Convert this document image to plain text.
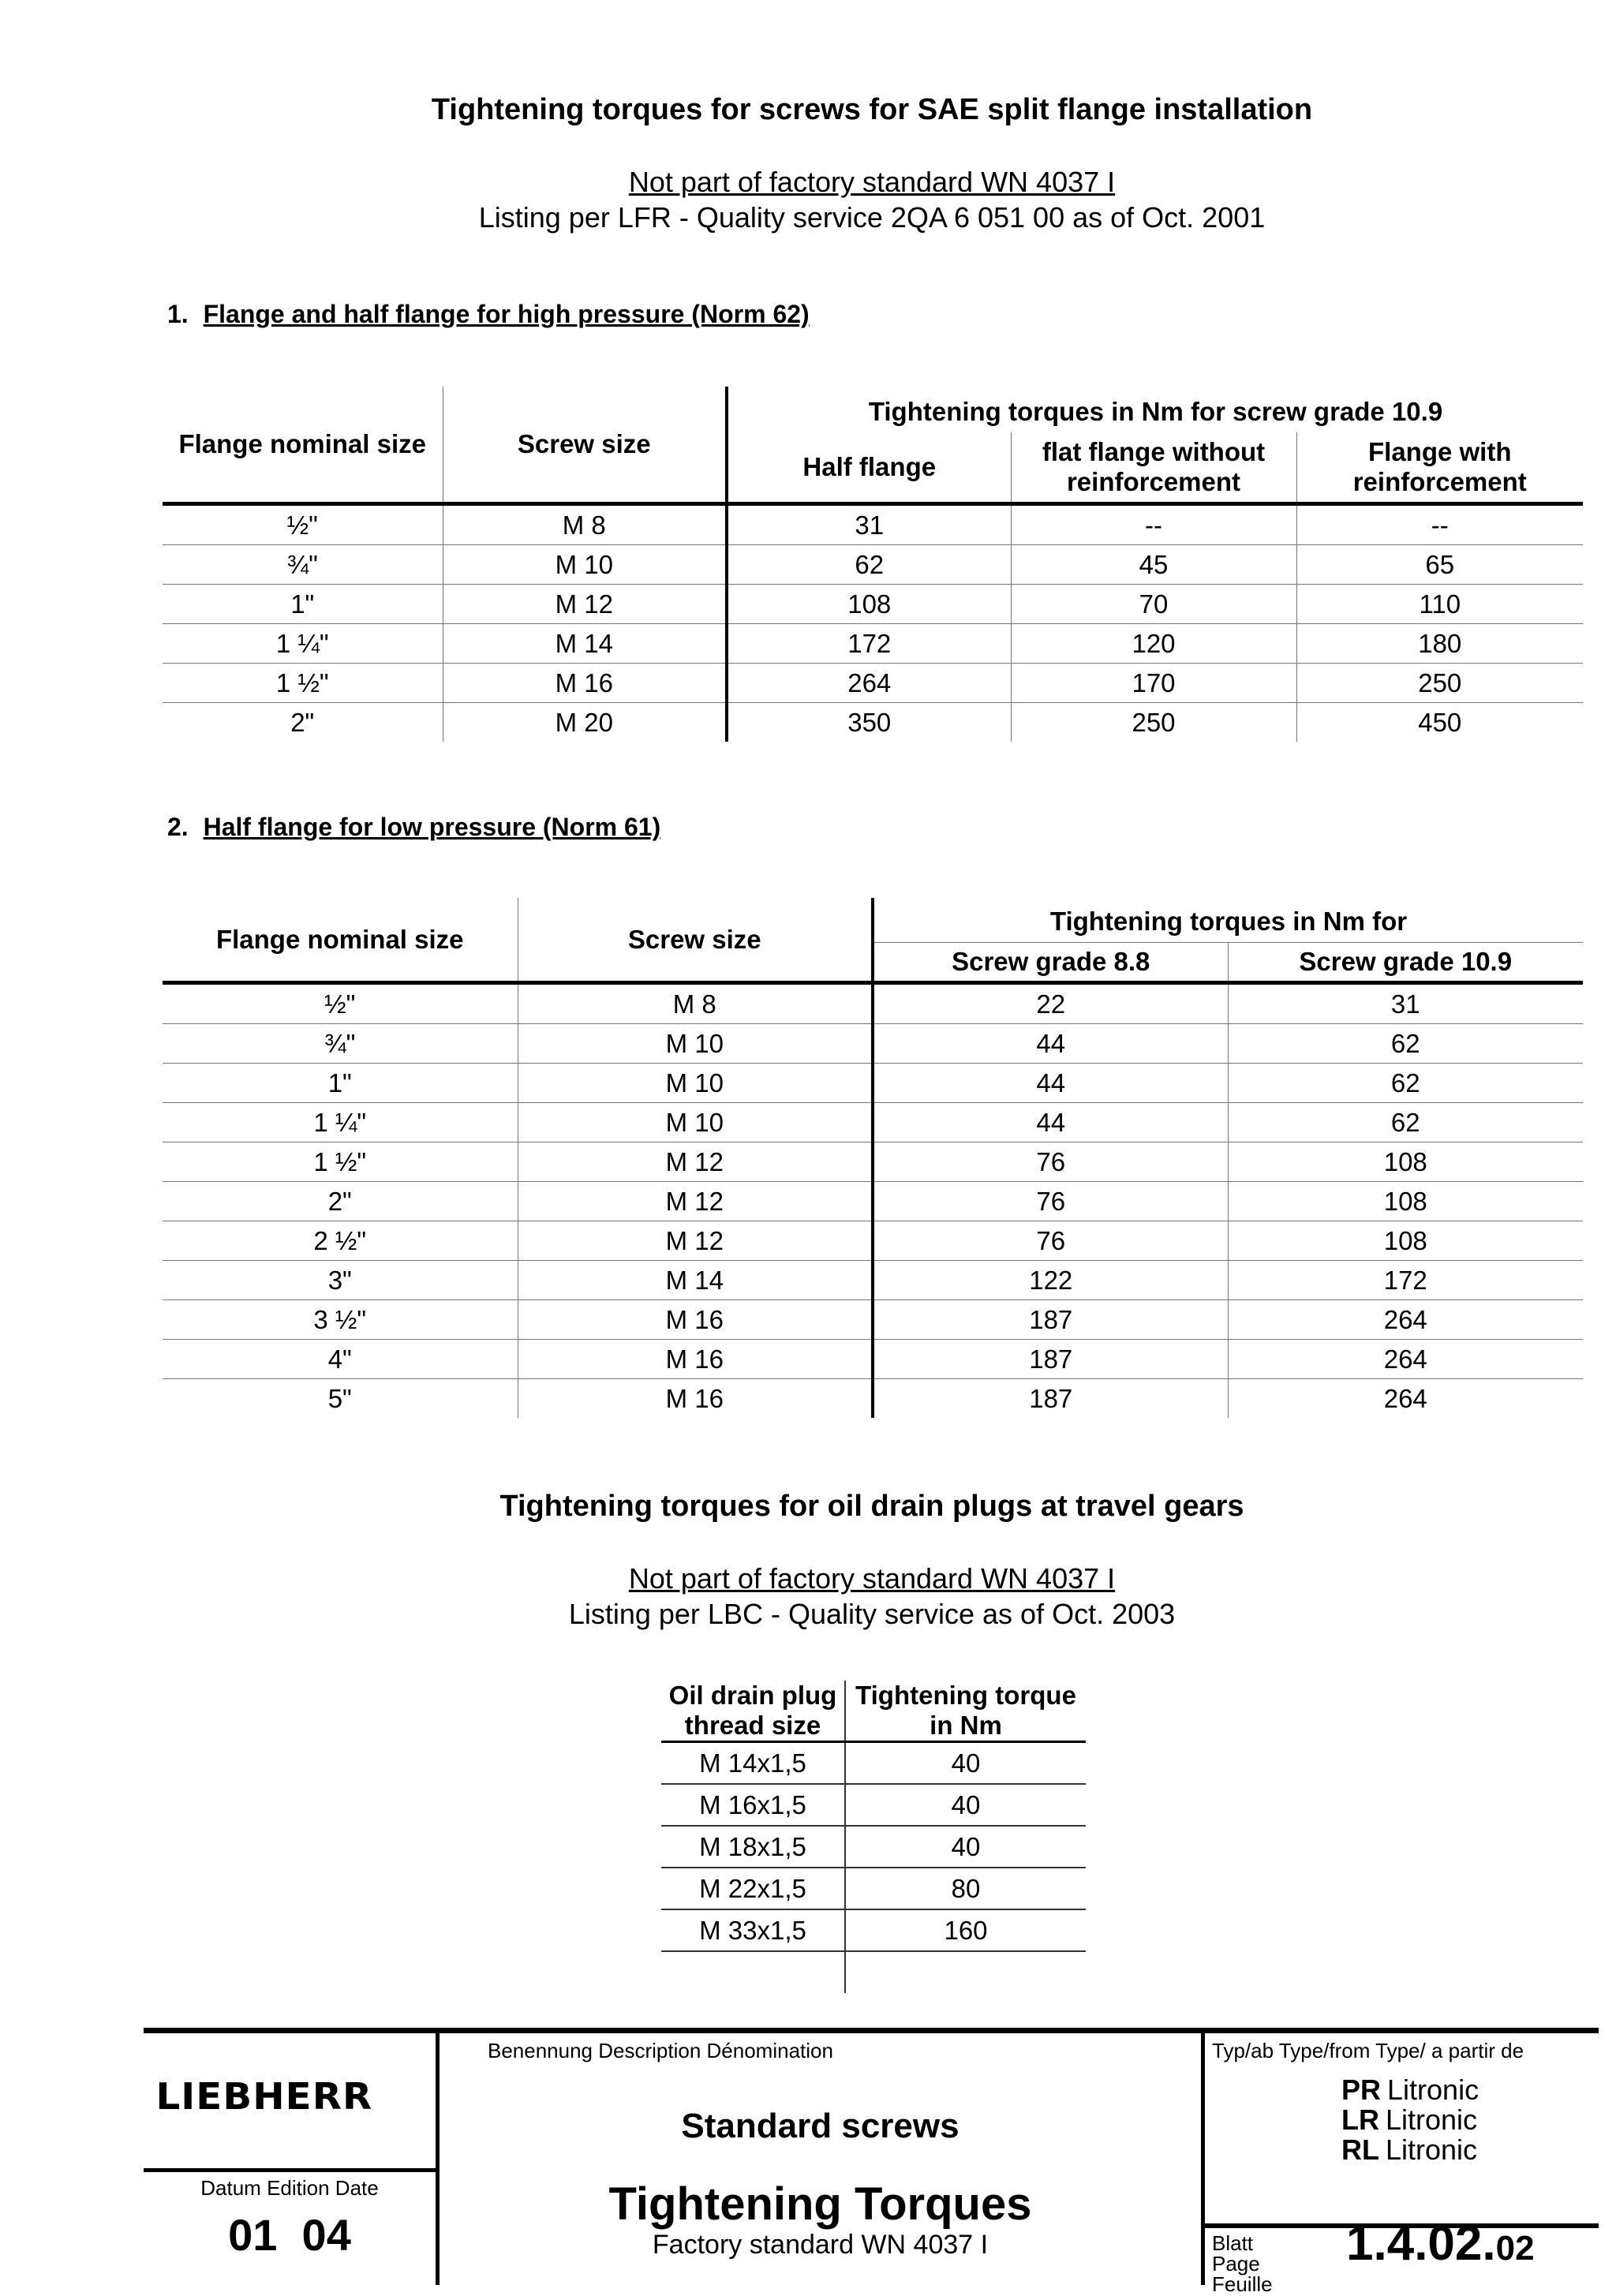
Tightening torques for screws for SAE split flange installation
Not part of factory standard WN 4037 I
Listing per LFR - Quality service 2QA 6 051 00 as of Oct. 2001
1. Flange and half flange for high pressure (Norm 62)
Flange nominal size	Screw size	Tightening torques in Nm for screw grade 10.9		
		Half flange	flat flange without reinforcement	Flange with reinforcement
½"	M 8	31	--	--
¾"	M 10	62	45	65
1"	M 12	108	70	110
1 ¼"	M 14	172	120	180
1 ½"	M 16	264	170	250
2"	M 20	350	250	450
2. Half flange for low pressure (Norm 61)
Flange nominal size	Screw size	Tightening torques in Nm for	
		Screw grade 8.8	Screw grade 10.9
½"	M 8	22	31
¾"	M 10	44	62
1"	M 10	44	62
1 ¼"	M 10	44	62
1 ½"	M 12	76	108
2"	M 12	76	108
2 ½"	M 12	76	108
3"	M 14	122	172
3 ½"	M 16	187	264
4"	M 16	187	264
5"	M 16	187	264
Tightening torques for oil drain plugs at travel gears
Not part of factory standard WN 4037 I
Listing per LBC - Quality service as of Oct. 2003
Oil drain plug thread size	Tightening torque in Nm
M 14x1,5	40
M 16x1,5	40
M 18x1,5	40
M 22x1,5	80
M 33x1,5	160

LIEBHERR
Datum Edition Date
01  04
Benennung Description Dénomination
Standard screws
Tightening Torques
Factory standard WN 4037 I
Typ/ab Type/from Type/ a partir de
PR Litronic
LR Litronic
RL Litronic
Blatt
Page
Feuille
1.4.02.02
